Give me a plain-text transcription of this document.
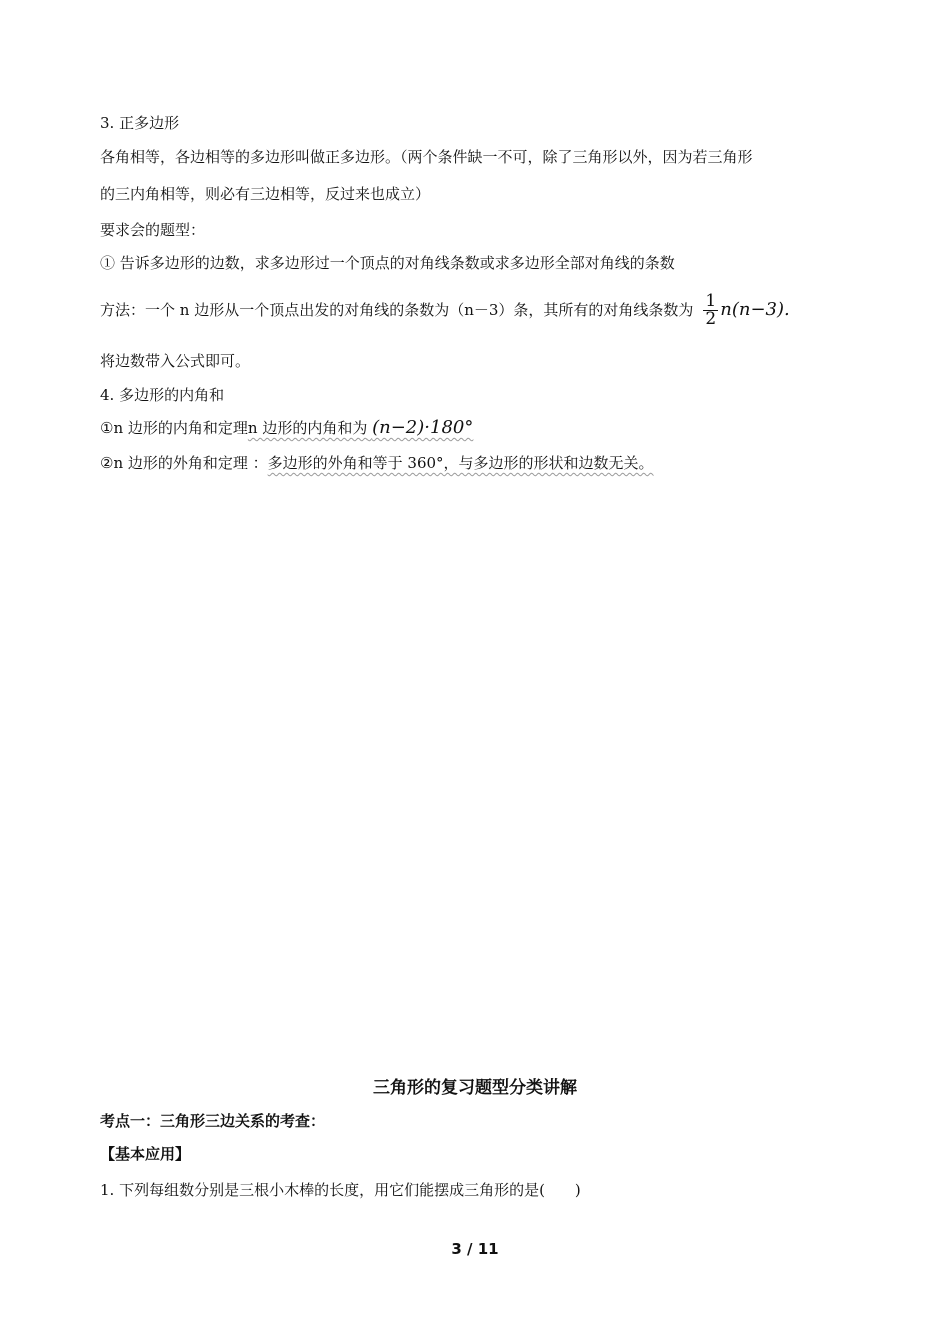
3. 正多边形
各角相等，各边相等的多边形叫做正多边形。（两个条件缺一不可，除了三角形以外，因为若三角形
的三内角相等，则必有三边相等，反过来也成立）
要求会的题型：
① 告诉多边形的边数，求多边形过一个顶点的对角线条数或求多边形全部对角线的条数
方法：一个 n 边形从一个顶点出发的对角线的条数为（n－3）条，其所有的对角线条数为 $\frac{1}{2} n(n-3)$.
将边数带入公式即可。
4. 多边形的内角和
①n 边形的内角和定理n 边形的内角和为 (n−2)·180°
②n 边形的外角和定理 ：多边形的外角和等于 360°，与多边形的形状和边数无关。
三角形的复习题型分类讲解
考点一：三角形三边关系的考查：
【基本应用】
1. 下列每组数分别是三根小木棒的长度，用它们能摆成三角形的是(　　)
3 / 11
